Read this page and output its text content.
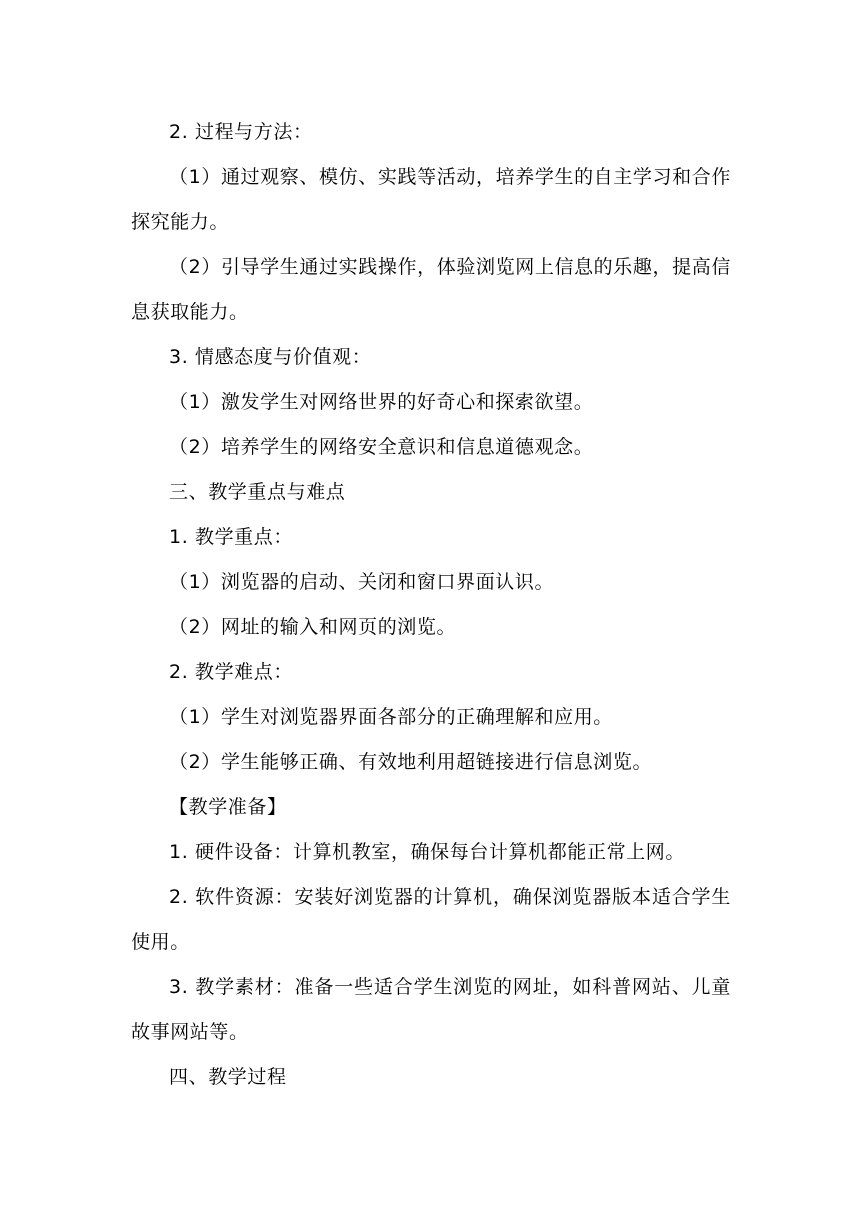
2. 过程与方法：

（1）通过观察、模仿、实践等活动，培养学生的自主学习和合作探究能力。

（2）引导学生通过实践操作，体验浏览网上信息的乐趣，提高信息获取能力。

3. 情感态度与价值观：

（1）激发学生对网络世界的好奇心和探索欲望。

（2）培养学生的网络安全意识和信息道德观念。

三、教学重点与难点

1. 教学重点：

（1）浏览器的启动、关闭和窗口界面认识。

（2）网址的输入和网页的浏览。

2. 教学难点：

（1）学生对浏览器界面各部分的正确理解和应用。

（2）学生能够正确、有效地利用超链接进行信息浏览。

【教学准备】

1. 硬件设备：计算机教室，确保每台计算机都能正常上网。

2. 软件资源：安装好浏览器的计算机，确保浏览器版本适合学生使用。

3. 教学素材：准备一些适合学生浏览的网址，如科普网站、儿童故事网站等。

四、教学过程
